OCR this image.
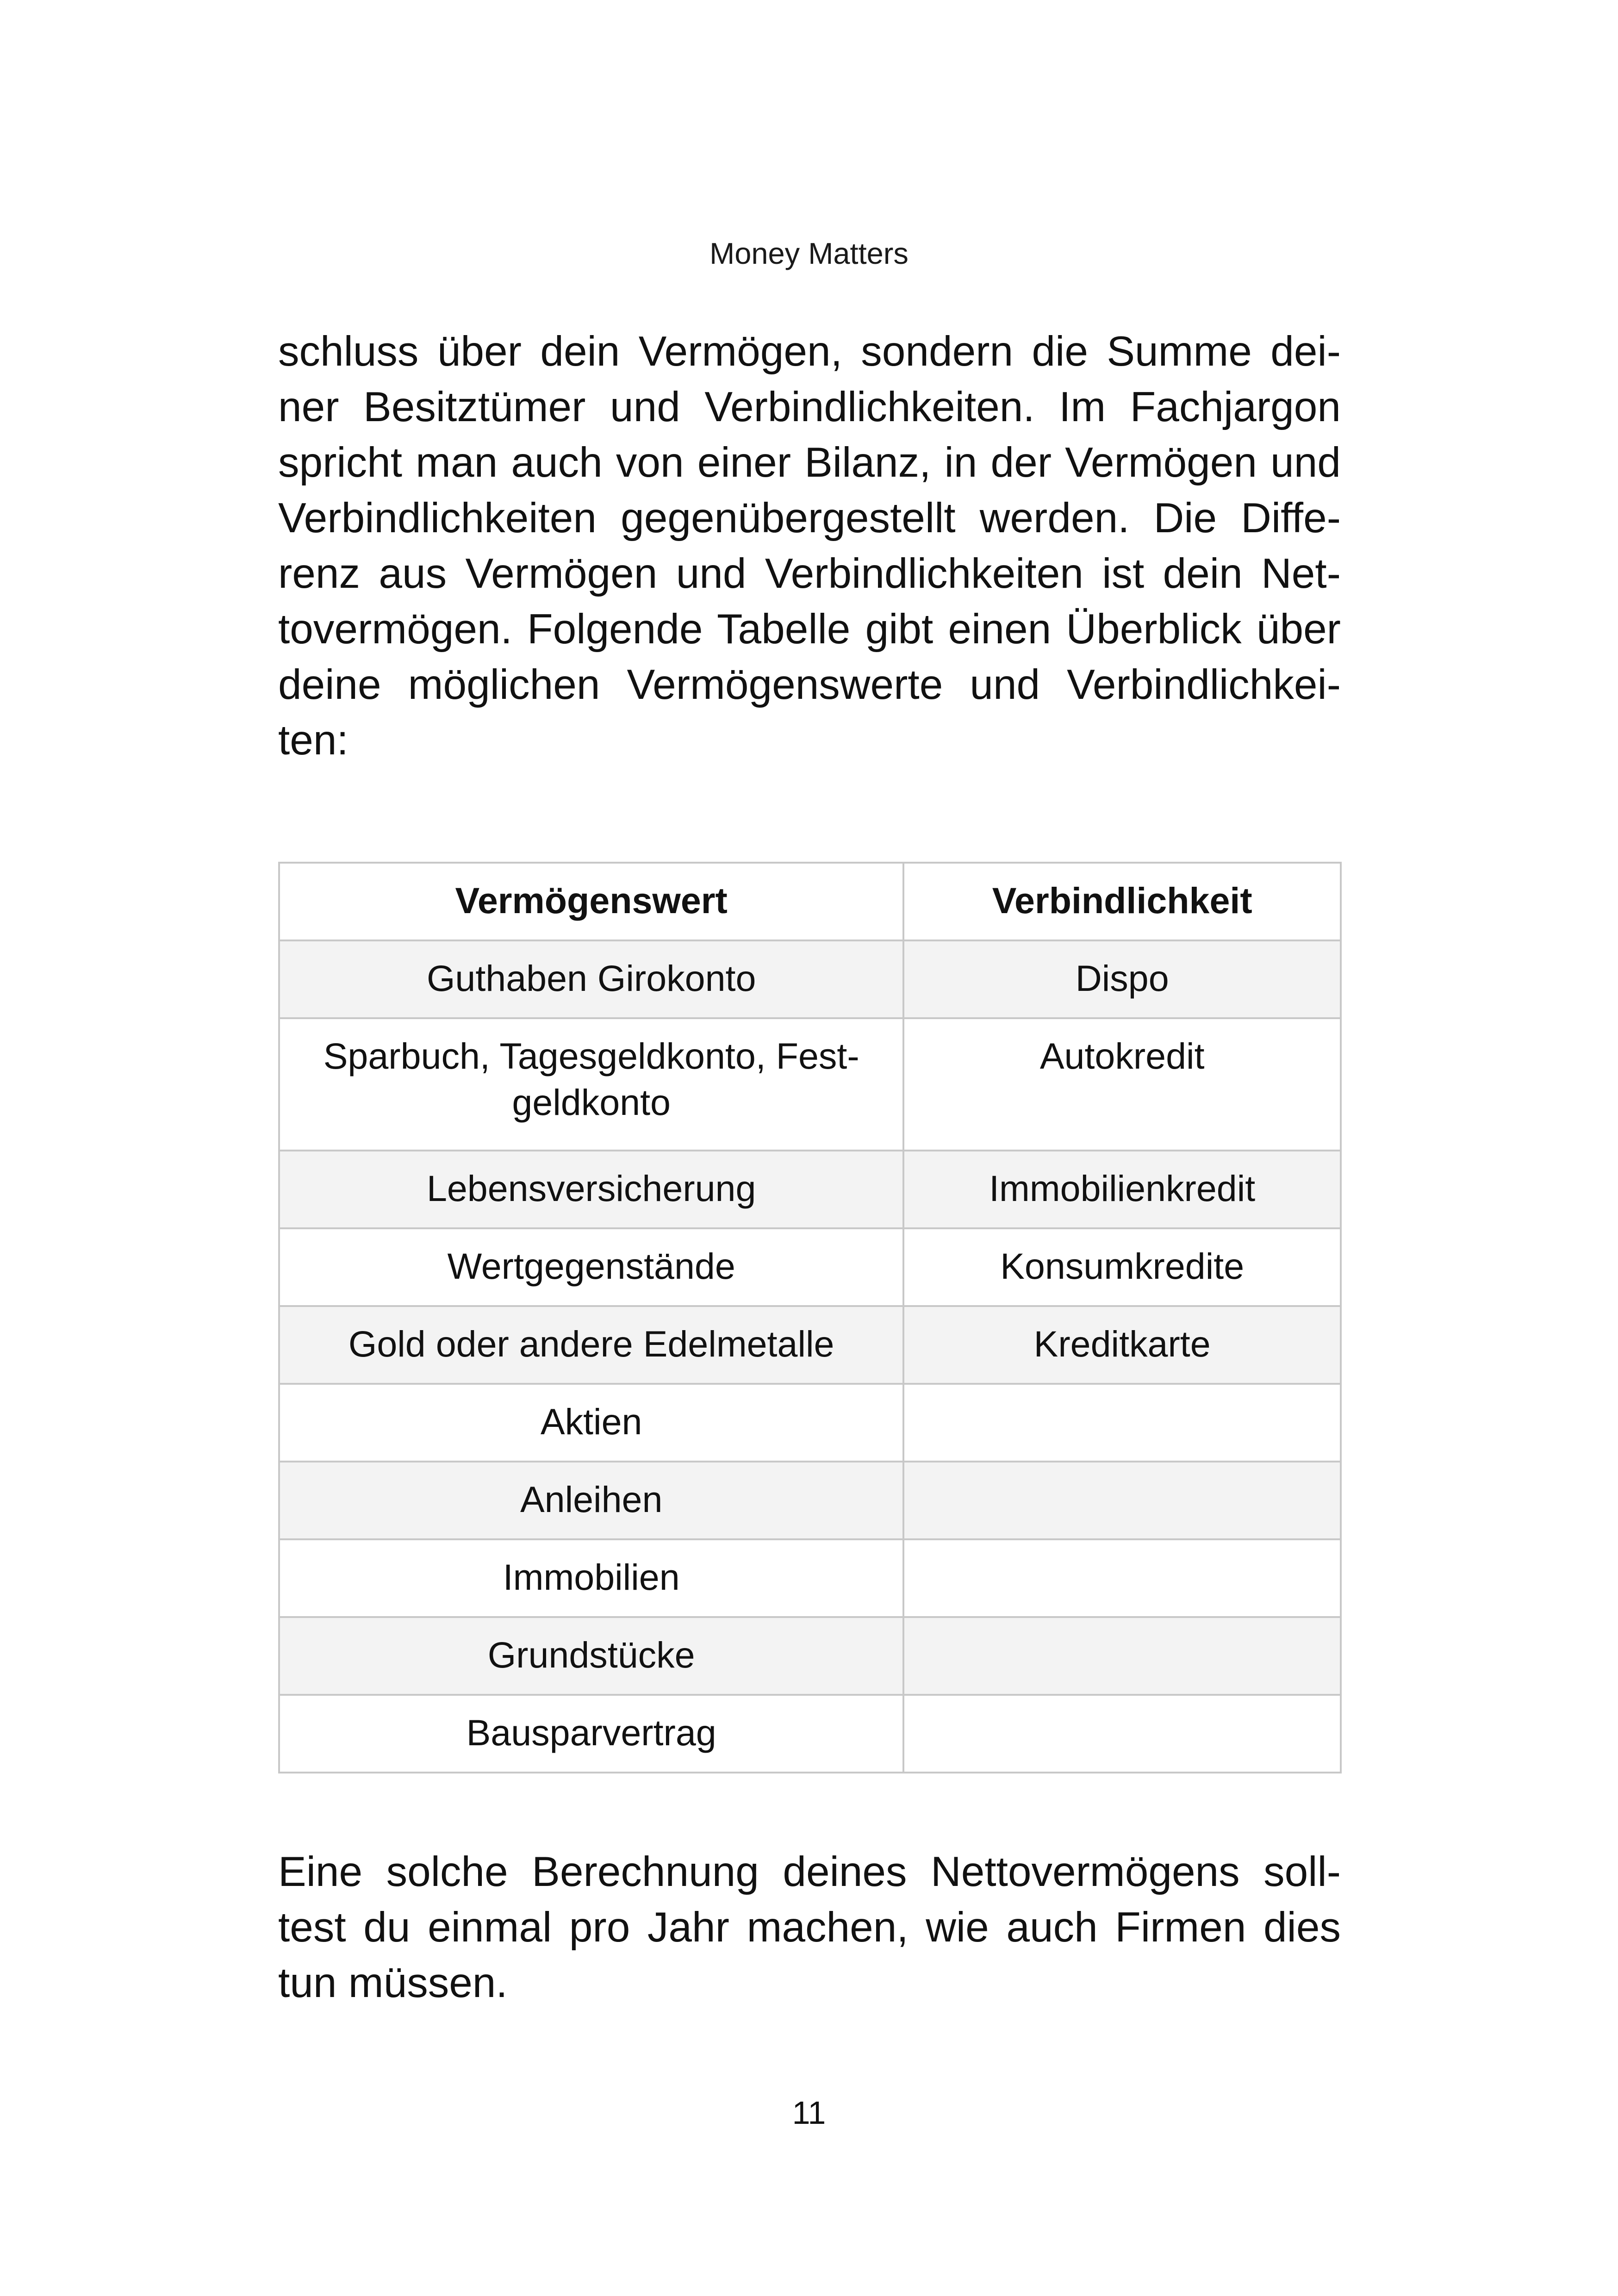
Money Matters
schluss über dein Vermögen, sondern die Summe dei-
ner Besitztümer und Verbindlichkeiten. Im Fachjargon
spricht man auch von einer Bilanz, in der Vermögen und
Verbindlichkeiten gegenübergestellt werden. Die Diffe-
renz aus Vermögen und Verbindlichkeiten ist dein Net-
tovermögen. Folgende Tabelle gibt einen Überblick über
deine möglichen Vermögenswerte und Verbindlichkei-
ten:
Vermögenswert	Verbindlichkeit
Guthaben Girokonto	Dispo

Sparbuch, Tagesgeldkonto, Fest-
geldkonto	Autokredit
Lebensversicherung	Immobilienkredit
Wertgegenstände	Konsumkredite
Gold oder andere Edelmetalle	Kreditkarte
Aktien	
Anleihen	
Immobilien	
Grundstücke	
Bausparvertrag	
Eine solche Berechnung deines Nettovermögens soll-
test du einmal pro Jahr machen, wie auch Firmen dies
tun müssen.
11
